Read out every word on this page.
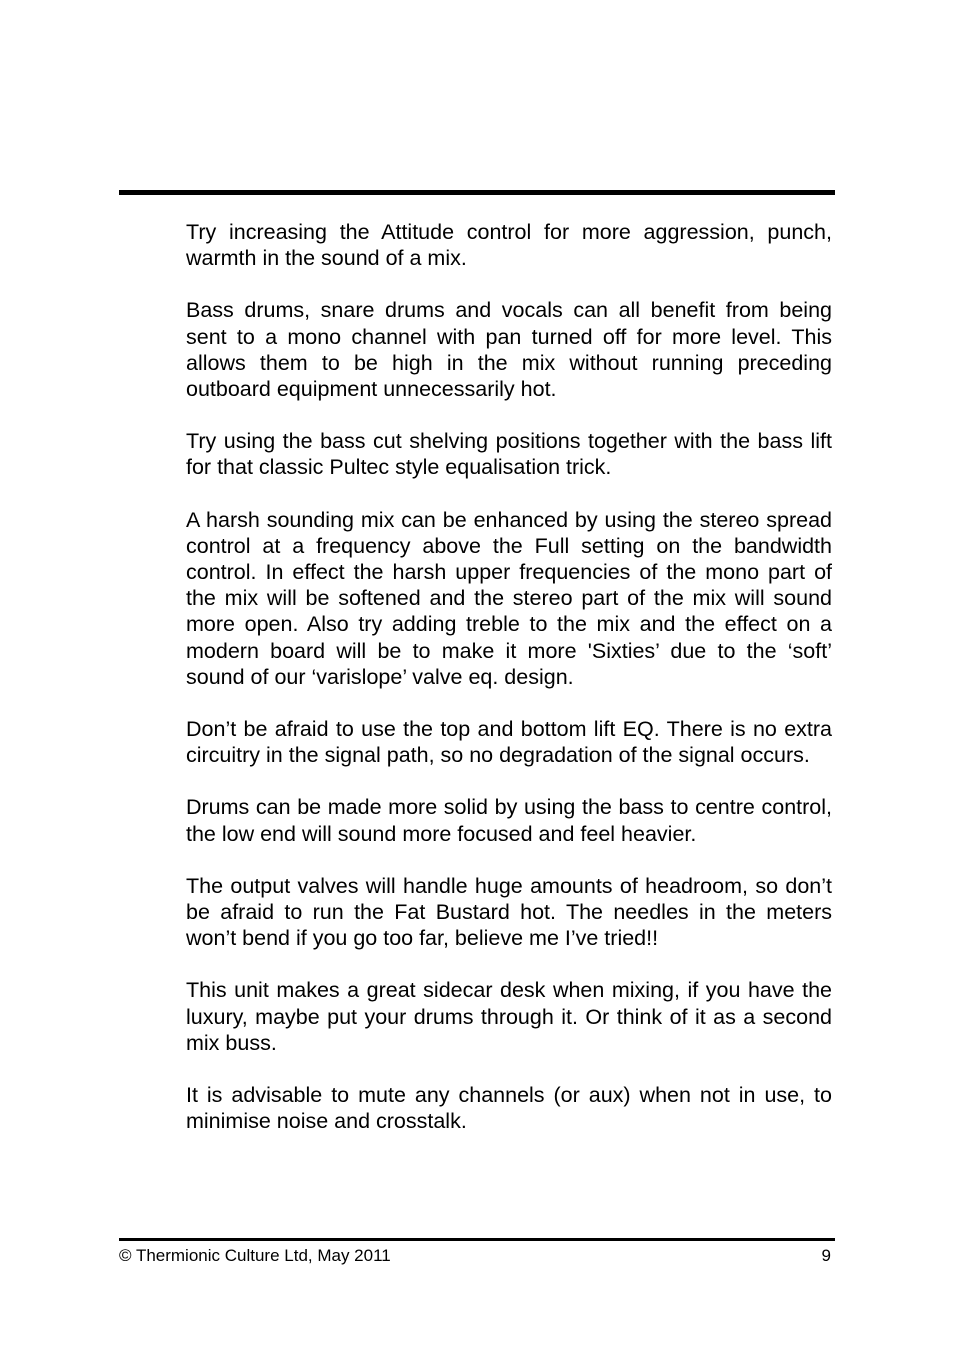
Try increasing the Attitude control for more aggression, punch, warmth in the sound of a mix.

Bass drums, snare drums and vocals can all benefit from being sent to a mono channel with pan turned off for more level. This allows them to be high in the mix without running preceding outboard equipment unnecessarily hot.

Try using the bass cut shelving positions together with the bass lift for that classic Pultec style equalisation trick.

A harsh sounding mix can be enhanced by using the stereo spread control at a frequency above the Full setting on the bandwidth control. In effect the harsh upper frequencies of the mono part of the mix will be softened and the stereo part of the mix will sound more open. Also try adding treble to the mix and the effect on a modern board will be to make it more 'Sixties’ due to the ‘soft’ sound of our ‘varislope’ valve eq. design.

Don’t be afraid to use the top and bottom lift EQ. There is no extra circuitry in the signal path, so no degradation of the signal occurs.

Drums can be made more solid by using the bass to centre control, the low end will sound more focused and feel heavier.

The output valves will handle huge amounts of headroom, so don’t be afraid to run the Fat Bustard hot. The needles in the meters won’t bend if you go too far, believe me I’ve tried!!

This unit makes a great sidecar desk when mixing, if you have the luxury, maybe put your drums through it. Or think of it as a second mix buss.

It is advisable to mute any channels (or aux) when not in use, to minimise noise and crosstalk.

© Thermionic Culture Ltd, May 2011	9
